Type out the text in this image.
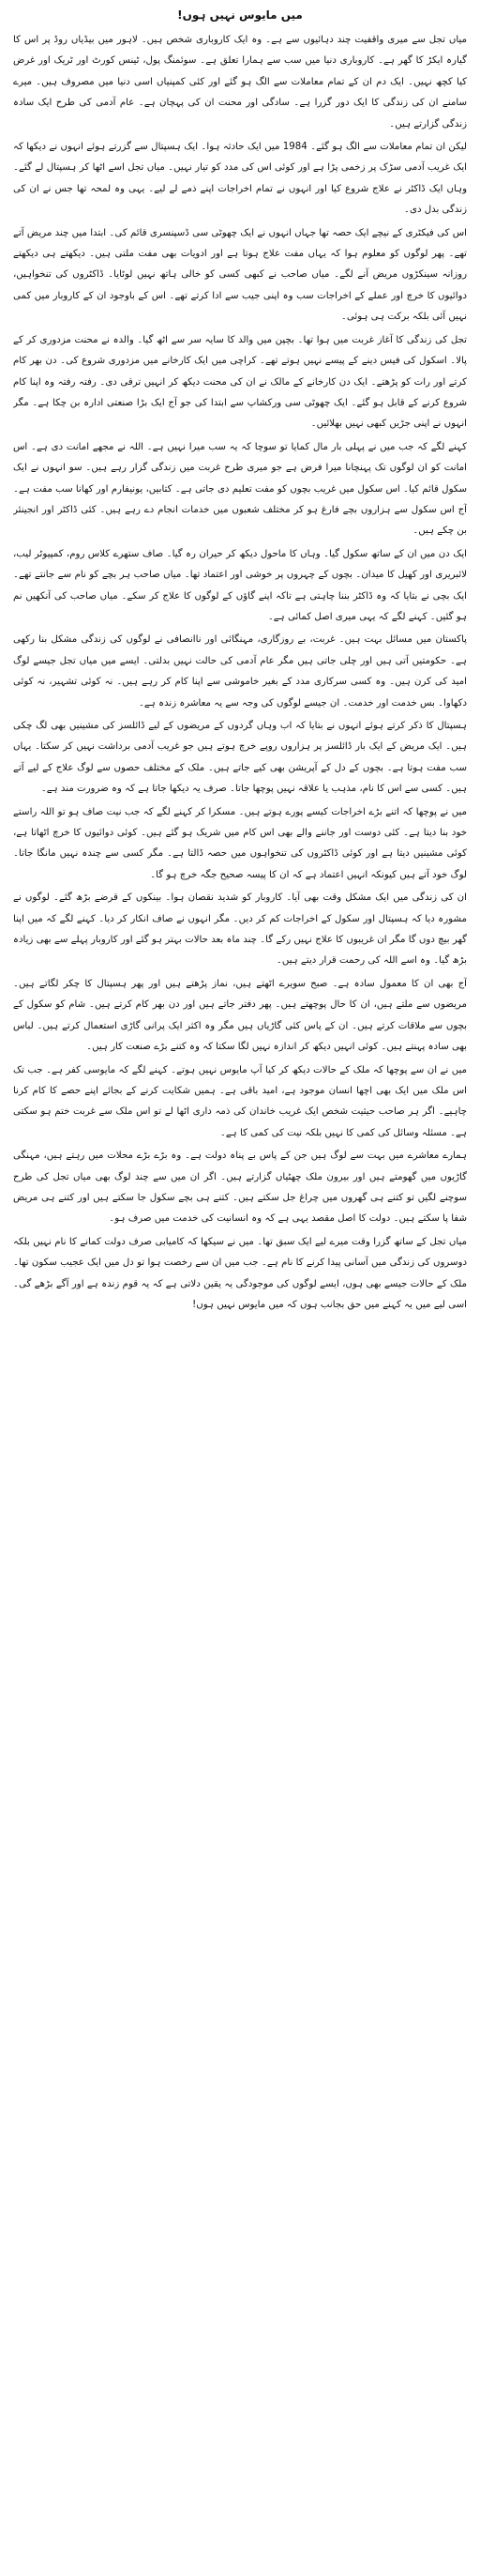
میں مایوس نہیں ہوں!

میاں تجل سے میری واقفیت چند دہائیوں سے ہے۔ وہ ایک کاروباری شخص ہیں۔ لاہور میں بیڈیاں روڈ پر اس کا گیارہ ایکڑ کا گھر ہے۔ کاروباری دنیا میں سب سے ہمارا تعلق ہے۔ سوئمنگ پول، ٹینس کورٹ اور ٹریک اور غرض کیا کچھ نہیں۔ ایک دم ان کے تمام معاملات سے الگ ہو گئے اور کئی کمپنیاں اسی دنیا میں مصروف ہیں۔ میرے سامنے ان کی زندگی کا ایک دور گزرا ہے۔ سادگی اور محنت ان کی پہچان ہے۔ عام آدمی کی طرح ایک سادہ زندگی گزارتے ہیں۔

لیکن ان تمام معاملات سے الگ ہو گئے۔ 1984 میں ایک حادثہ ہوا۔ ایک ہسپتال سے گزرتے ہوئے انہوں نے دیکھا کہ ایک غریب آدمی سڑک پر زخمی پڑا ہے اور کوئی اس کی مدد کو تیار نہیں۔ میاں تجل اسے اٹھا کر ہسپتال لے گئے۔ وہاں ایک ڈاکٹر نے علاج شروع کیا اور انہوں نے تمام اخراجات اپنے ذمے لے لیے۔ یہی وہ لمحہ تھا جس نے ان کی زندگی بدل دی۔

اس کی فیکٹری کے نیچے ایک حصہ تھا جہاں انہوں نے ایک چھوٹی سی ڈسپنسری قائم کی۔ ابتدا میں چند مریض آتے تھے۔ پھر لوگوں کو معلوم ہوا کہ یہاں مفت علاج ہوتا ہے اور ادویات بھی مفت ملتی ہیں۔ دیکھتے ہی دیکھتے روزانہ سینکڑوں مریض آنے لگے۔ میاں صاحب نے کبھی کسی کو خالی ہاتھ نہیں لوٹایا۔ ڈاکٹروں کی تنخواہیں، دوائیوں کا خرچ اور عملے کے اخراجات سب وہ اپنی جیب سے ادا کرتے تھے۔ اس کے باوجود ان کے کاروبار میں کمی نہیں آئی بلکہ برکت ہی ہوئی۔

تجل کی زندگی کا آغاز غربت میں ہوا تھا۔ بچپن میں والد کا سایہ سر سے اٹھ گیا۔ والدہ نے محنت مزدوری کر کے پالا۔ اسکول کی فیس دینے کے پیسے نہیں ہوتے تھے۔ کراچی میں ایک کارخانے میں مزدوری شروع کی۔ دن بھر کام کرتے اور رات کو پڑھتے۔ ایک دن کارخانے کے مالک نے ان کی محنت دیکھ کر انہیں ترقی دی۔ رفتہ رفتہ وہ اپنا کام شروع کرنے کے قابل ہو گئے۔ ایک چھوٹی سی ورکشاپ سے ابتدا کی جو آج ایک بڑا صنعتی ادارہ بن چکا ہے۔ مگر انہوں نے اپنی جڑیں کبھی نہیں بھلائیں۔

کہنے لگے کہ جب میں نے پہلی بار مال کمایا تو سوچا کہ یہ سب میرا نہیں ہے۔ اللہ نے مجھے امانت دی ہے۔ اس امانت کو ان لوگوں تک پہنچانا میرا فرض ہے جو میری طرح غربت میں زندگی گزار رہے ہیں۔ سو انہوں نے ایک سکول قائم کیا۔ اس سکول میں غریب بچوں کو مفت تعلیم دی جاتی ہے۔ کتابیں، یونیفارم اور کھانا سب مفت ہے۔ آج اس سکول سے ہزاروں بچے فارغ ہو کر مختلف شعبوں میں خدمات انجام دے رہے ہیں۔ کئی ڈاکٹر اور انجینئر بن چکے ہیں۔

ایک دن میں ان کے ساتھ سکول گیا۔ وہاں کا ماحول دیکھ کر حیران رہ گیا۔ صاف ستھرے کلاس روم، کمپیوٹر لیب، لائبریری اور کھیل کا میدان۔ بچوں کے چہروں پر خوشی اور اعتماد تھا۔ میاں صاحب ہر بچے کو نام سے جانتے تھے۔ ایک بچی نے بتایا کہ وہ ڈاکٹر بننا چاہتی ہے تاکہ اپنے گاؤں کے لوگوں کا علاج کر سکے۔ میاں صاحب کی آنکھیں نم ہو گئیں۔ کہنے لگے کہ یہی میری اصل کمائی ہے۔

پاکستان میں مسائل بہت ہیں۔ غربت، بے روزگاری، مہنگائی اور ناانصافی نے لوگوں کی زندگی مشکل بنا رکھی ہے۔ حکومتیں آتی ہیں اور چلی جاتی ہیں مگر عام آدمی کی حالت نہیں بدلتی۔ ایسے میں میاں تجل جیسے لوگ امید کی کرن ہیں۔ وہ کسی سرکاری مدد کے بغیر خاموشی سے اپنا کام کر رہے ہیں۔ نہ کوئی تشہیر، نہ کوئی دکھاوا۔ بس خدمت اور خدمت۔ ان جیسے لوگوں کی وجہ سے یہ معاشرہ زندہ ہے۔

ہسپتال کا ذکر کرتے ہوئے انہوں نے بتایا کہ اب وہاں گردوں کے مریضوں کے لیے ڈائلسز کی مشینیں بھی لگ چکی ہیں۔ ایک مریض کے ایک بار ڈائلسز پر ہزاروں روپے خرچ ہوتے ہیں جو غریب آدمی برداشت نہیں کر سکتا۔ یہاں سب مفت ہوتا ہے۔ بچوں کے دل کے آپریشن بھی کیے جاتے ہیں۔ ملک کے مختلف حصوں سے لوگ علاج کے لیے آتے ہیں۔ کسی سے اس کا نام، مذہب یا علاقہ نہیں پوچھا جاتا۔ صرف یہ دیکھا جاتا ہے کہ وہ ضرورت مند ہے۔

میں نے پوچھا کہ اتنے بڑے اخراجات کیسے پورے ہوتے ہیں۔ مسکرا کر کہنے لگے کہ جب نیت صاف ہو تو اللہ راستے خود بنا دیتا ہے۔ کئی دوست اور جاننے والے بھی اس کام میں شریک ہو گئے ہیں۔ کوئی دوائیوں کا خرچ اٹھاتا ہے، کوئی مشینیں دیتا ہے اور کوئی ڈاکٹروں کی تنخواہوں میں حصہ ڈالتا ہے۔ مگر کسی سے چندہ نہیں مانگا جاتا۔ لوگ خود آتے ہیں کیونکہ انہیں اعتماد ہے کہ ان کا پیسہ صحیح جگہ خرچ ہو گا۔

ان کی زندگی میں ایک مشکل وقت بھی آیا۔ کاروبار کو شدید نقصان ہوا۔ بینکوں کے قرضے بڑھ گئے۔ لوگوں نے مشورہ دیا کہ ہسپتال اور سکول کے اخراجات کم کر دیں۔ مگر انہوں نے صاف انکار کر دیا۔ کہنے لگے کہ میں اپنا گھر بیچ دوں گا مگر ان غریبوں کا علاج نہیں رکے گا۔ چند ماہ بعد حالات بہتر ہو گئے اور کاروبار پہلے سے بھی زیادہ بڑھ گیا۔ وہ اسے اللہ کی رحمت قرار دیتے ہیں۔

آج بھی ان کا معمول سادہ ہے۔ صبح سویرے اٹھتے ہیں، نماز پڑھتے ہیں اور پھر ہسپتال کا چکر لگاتے ہیں۔ مریضوں سے ملتے ہیں، ان کا حال پوچھتے ہیں۔ پھر دفتر جاتے ہیں اور دن بھر کام کرتے ہیں۔ شام کو سکول کے بچوں سے ملاقات کرتے ہیں۔ ان کے پاس کئی گاڑیاں ہیں مگر وہ اکثر ایک پرانی گاڑی استعمال کرتے ہیں۔ لباس بھی سادہ پہنتے ہیں۔ کوئی انہیں دیکھ کر اندازہ نہیں لگا سکتا کہ وہ کتنے بڑے صنعت کار ہیں۔

میں نے ان سے پوچھا کہ ملک کے حالات دیکھ کر کیا آپ مایوس نہیں ہوتے۔ کہنے لگے کہ مایوسی کفر ہے۔ جب تک اس ملک میں ایک بھی اچھا انسان موجود ہے، امید باقی ہے۔ ہمیں شکایت کرنے کے بجائے اپنے حصے کا کام کرنا چاہیے۔ اگر ہر صاحب حیثیت شخص ایک غریب خاندان کی ذمہ داری اٹھا لے تو اس ملک سے غربت ختم ہو سکتی ہے۔ مسئلہ وسائل کی کمی کا نہیں بلکہ نیت کی کمی کا ہے۔

ہمارے معاشرے میں بہت سے لوگ ہیں جن کے پاس بے پناہ دولت ہے۔ وہ بڑے بڑے محلات میں رہتے ہیں، مہنگی گاڑیوں میں گھومتے ہیں اور بیرون ملک چھٹیاں گزارتے ہیں۔ اگر ان میں سے چند لوگ بھی میاں تجل کی طرح سوچنے لگیں تو کتنے ہی گھروں میں چراغ جل سکتے ہیں۔ کتنے ہی بچے سکول جا سکتے ہیں اور کتنے ہی مریض شفا پا سکتے ہیں۔ دولت کا اصل مقصد یہی ہے کہ وہ انسانیت کی خدمت میں صرف ہو۔

میاں تجل کے ساتھ گزرا وقت میرے لیے ایک سبق تھا۔ میں نے سیکھا کہ کامیابی صرف دولت کمانے کا نام نہیں بلکہ دوسروں کی زندگی میں آسانی پیدا کرنے کا نام ہے۔ جب میں ان سے رخصت ہوا تو دل میں ایک عجیب سکون تھا۔ ملک کے حالات جیسے بھی ہوں، ایسے لوگوں کی موجودگی یہ یقین دلاتی ہے کہ یہ قوم زندہ ہے اور آگے بڑھے گی۔ اسی لیے میں یہ کہنے میں حق بجانب ہوں کہ میں مایوس نہیں ہوں!
